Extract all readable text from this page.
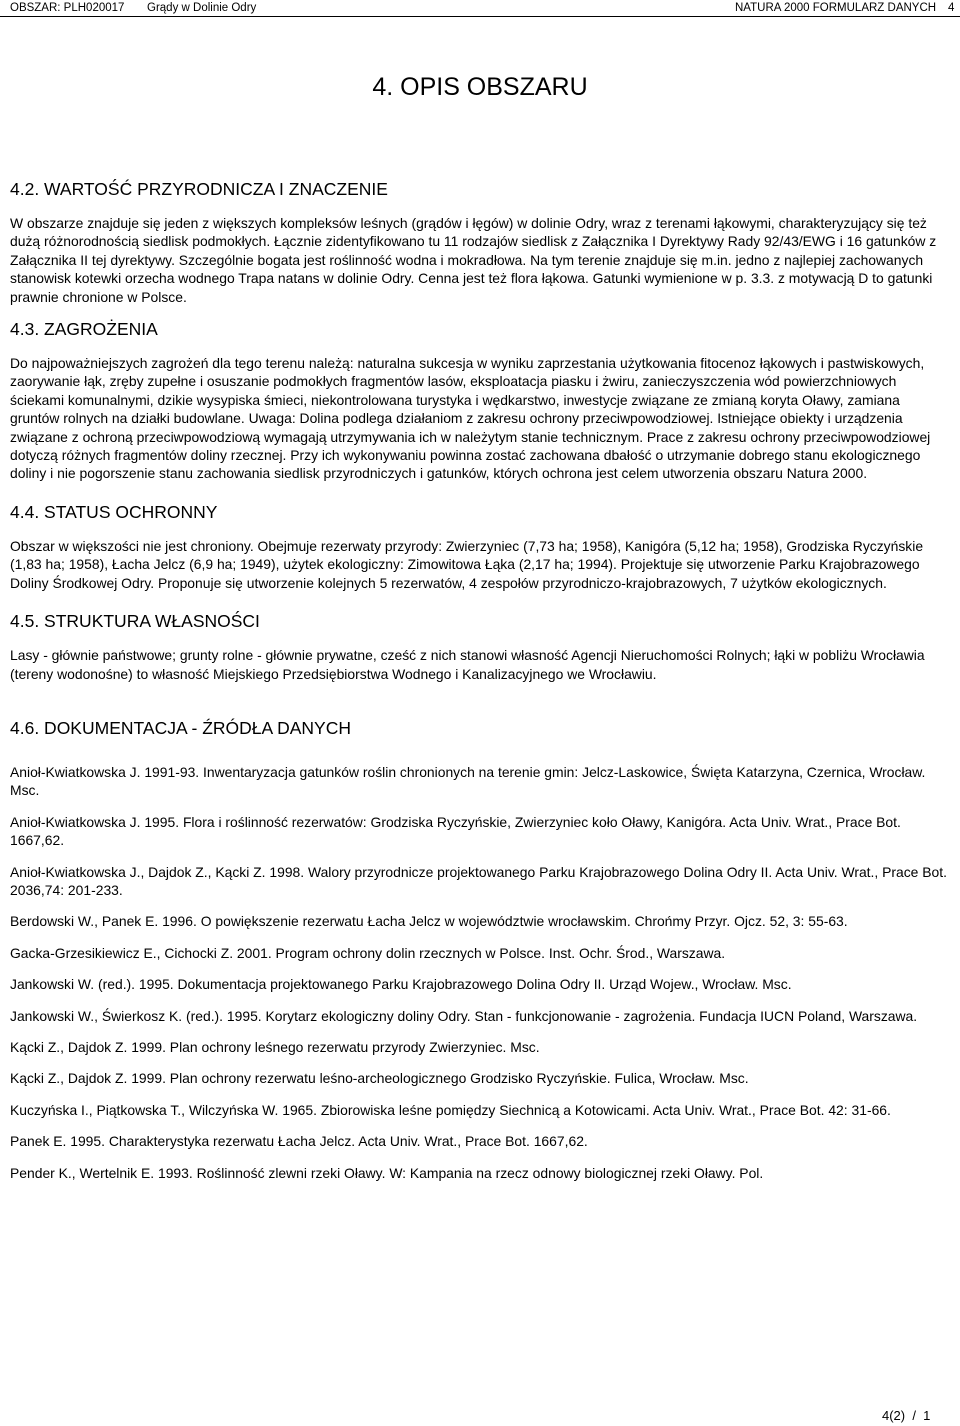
OBSZAR: PLH020017 Grądy w Dolinie Odry	NATURA 2000 FORMULARZ DANYCH 4
4. OPIS OBSZARU
4.2. WARTOŚĆ PRZYRODNICZA I ZNACZENIE

W obszarze znajduje się jeden z większych kompleksów leśnych (grądów i łęgów) w dolinie Odry, wraz z terenami łąkowymi, charakteryzujący się też dużą różnorodnością siedlisk podmokłych. Łącznie zidentyfikowano tu 11 rodzajów siedlisk z Załącznika I Dyrektywy Rady 92/43/EWG i 16 gatunków z Załącznika II tej dyrektywy. Szczególnie bogata jest roślinność wodna i mokradłowa. Na tym terenie znajduje się m.in. jedno z najlepiej zachowanych stanowisk kotewki orzecha wodnego Trapa natans w dolinie Odry. Cenna jest też flora łąkowa. Gatunki wymienione w p. 3.3. z motywacją D to gatunki prawnie chronione w Polsce.

4.3. ZAGROŻENIA

Do najpoważniejszych zagrożeń dla tego terenu należą: naturalna sukcesja w wyniku zaprzestania użytkowania fitocenoz łąkowych i pastwiskowych, zaorywanie łąk, zręby zupełne i osuszanie podmokłych fragmentów lasów, eksploatacja piasku i żwiru, zanieczyszczenia wód powierzchniowych ściekami komunalnymi, dzikie wysypiska śmieci, niekontrolowana turystyka i wędkarstwo, inwestycje związane ze zmianą koryta Oławy, zamiana gruntów rolnych na działki budowlane. Uwaga: Dolina podlega działaniom z zakresu ochrony przeciwpowodziowej. Istniejące obiekty i urządzenia związane z ochroną przeciwpowodziową wymagają utrzymywania ich w należytym stanie technicznym. Prace z zakresu ochrony przeciwpowodziowej dotyczą różnych fragmentów doliny rzecznej. Przy ich wykonywaniu powinna zostać zachowana dbałość o utrzymanie dobrego stanu ekologicznego doliny i nie pogorszenie stanu zachowania siedlisk przyrodniczych i gatunków, których ochrona jest celem utworzenia obszaru Natura 2000.

4.4. STATUS OCHRONNY

Obszar w większości nie jest chroniony. Obejmuje rezerwaty przyrody: Zwierzyniec (7,73 ha; 1958), Kanigóra (5,12 ha; 1958), Grodziska Ryczyńskie (1,83 ha; 1958), Łacha Jelcz (6,9 ha; 1949), użytek ekologiczny: Zimowitowa Łąka (2,17 ha; 1994). Projektuje się utworzenie Parku Krajobrazowego Doliny Środkowej Odry. Proponuje się utworzenie kolejnych 5 rezerwatów, 4 zespołów przyrodniczo-krajobrazowych, 7 użytków ekologicznych.

4.5. STRUKTURA WŁASNOŚCI

Lasy - głównie państwowe; grunty rolne - głównie prywatne, cześć z nich stanowi własność Agencji Nieruchomości Rolnych; łąki w pobliżu Wrocławia (tereny wodonośne) to własność Miejskiego Przedsiębiorstwa Wodnego i Kanalizacyjnego we Wrocławiu.

4.6. DOKUMENTACJA - ŹRÓDŁA DANYCH
Anioł-Kwiatkowska J. 1991-93. Inwentaryzacja gatunków roślin chronionych na terenie gmin: Jelcz-Laskowice, Święta Katarzyna, Czernica, Wrocław. Msc.
Anioł-Kwiatkowska J. 1995. Flora i roślinność rezerwatów: Grodziska Ryczyńskie, Zwierzyniec koło Oławy, Kanigóra. Acta Univ. Wrat., Prace Bot. 1667,62.
Anioł-Kwiatkowska J., Dajdok Z., Kącki Z. 1998. Walory przyrodnicze projektowanego Parku Krajobrazowego Dolina Odry II. Acta Univ. Wrat., Prace Bot. 2036,74: 201-233.
Berdowski W., Panek E. 1996. O powiększenie rezerwatu Łacha Jelcz w województwie wrocławskim. Chrońmy Przyr. Ojcz. 52, 3: 55-63.
Gacka-Grzesikiewicz E., Cichocki Z. 2001. Program ochrony dolin rzecznych w Polsce. Inst. Ochr. Środ., Warszawa.
Jankowski W. (red.). 1995. Dokumentacja projektowanego Parku Krajobrazowego Dolina Odry II. Urząd Wojew., Wrocław. Msc.
Jankowski W., Świerkosz K. (red.). 1995. Korytarz ekologiczny doliny Odry. Stan - funkcjonowanie - zagrożenia. Fundacja IUCN Poland, Warszawa.
Kącki Z., Dajdok Z. 1999. Plan ochrony leśnego rezerwatu przyrody Zwierzyniec. Msc.
Kącki Z., Dajdok Z. 1999. Plan ochrony rezerwatu leśno-archeologicznego Grodzisko Ryczyńskie. Fulica, Wrocław. Msc.
Kuczyńska I., Piątkowska T., Wilczyńska W. 1965. Zbiorowiska leśne pomiędzy Siechnicą a Kotowicami. Acta Univ. Wrat., Prace Bot. 42: 31-66.
Panek E. 1995. Charakterystyka rezerwatu Łacha Jelcz. Acta Univ. Wrat., Prace Bot. 1667,62.
Pender K., Wertelnik E. 1993. Roślinność zlewni rzeki Oławy. W: Kampania na rzecz odnowy biologicznej rzeki Oławy. Pol.
4(2)  /  1
